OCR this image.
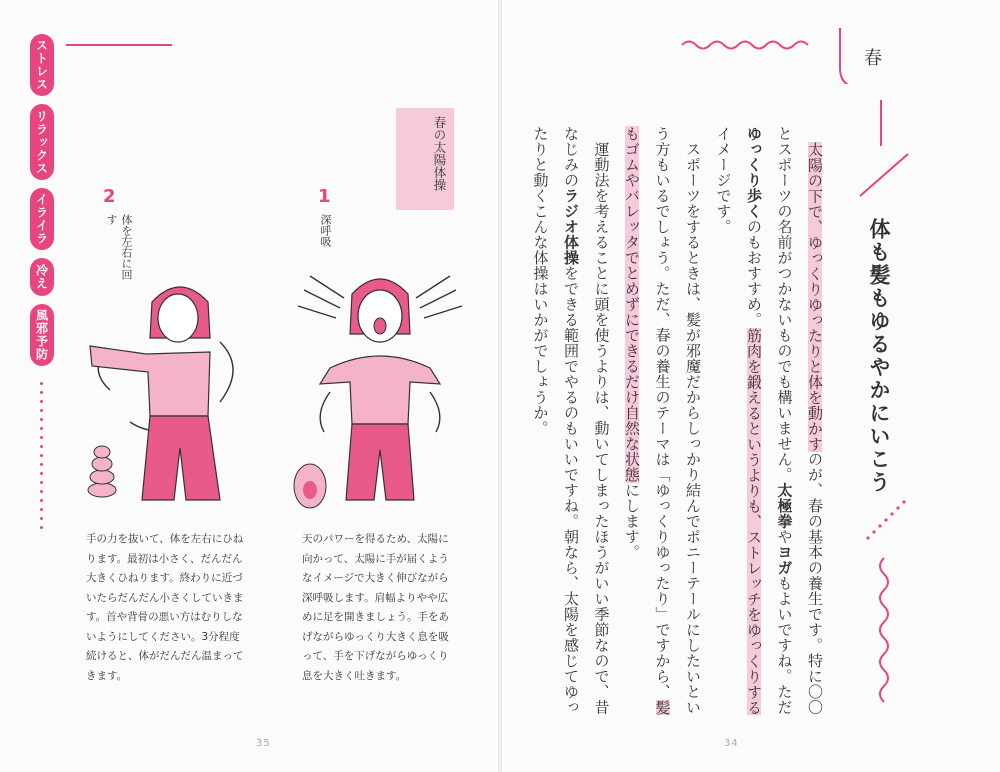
ストレス
リラックス
イライラ
冷え
風邪予防
春の太陽体操
1
深呼吸
2
体を左右に回す
天のパワーを得るため、太陽に向かって、太陽に手が届くようなイメージで大きく伸びながら深呼吸します。肩幅よりやや広めに足を開きましょう。手をあげながらゆっくり大きく息を吸って、手を下げながらゆっくり息を大きく吐きます。
手の力を抜いて、体を左右にひねります。最初は小さく、だんだん大きくひねります。終わりに近づいたらだんだん小さくしていきます。首や背骨の悪い方はむりしないようにしてください。3分程度続けると、体がだんだん温まってきます。
35
春
体も髪もゆるやかにいこう

　太陽の下で、ゆっくりゆったりと体を動かすのが、春の基本の養生です。特に〇〇とスポーツの名前がつかないものでも構いません。太極拳やヨガもよいですね。ただゆっくり歩くのもおすすめ。筋肉を鍛えるというよりも、ストレッチをゆっくりするイメージです。

　スポーツをするときは、髪が邪魔だからしっかり結んでポニーテールにしたいという方もいるでしょう。ただ、春の養生のテーマは「ゆっくりゆったり」ですから、髪もゴムやバレッタでとめずにできるだけ自然な状態にします。

　運動法を考えることに頭を使うよりは、動いてしまったほうがいい季節なので、昔なじみのラジオ体操をできる範囲でやるのもいいですね。朝なら、太陽を感じてゆったりと動くこんな体操はいかがでしょうか。

34
